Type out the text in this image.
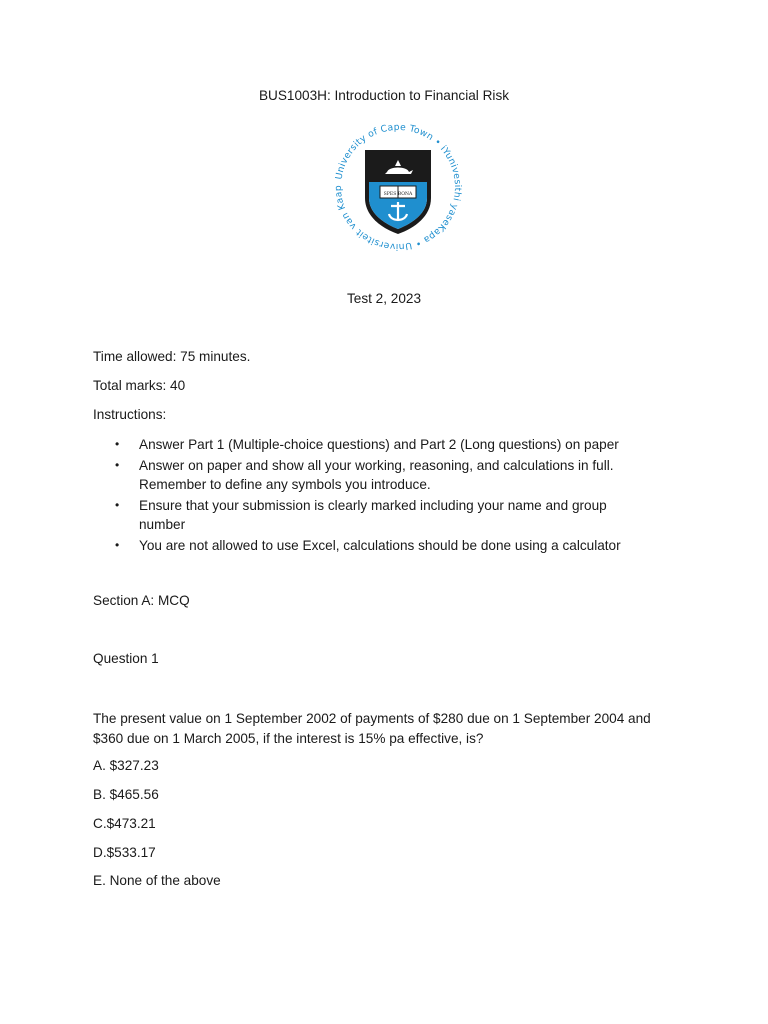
BUS1003H: Introduction to Financial Risk
University of Cape Town • iYunivesithi yaseKapa • Universiteit van Kaap
SPES BONA
Test 2, 2023
Time allowed: 75 minutes.
Total marks: 40
Instructions:
• Answer Part 1 (Multiple-choice questions) and Part 2 (Long questions) on paper
• Answer on paper and show all your working, reasoning, and calculations in full. Remember to define any symbols you introduce.
• Ensure that your submission is clearly marked including your name and group number
• You are not allowed to use Excel, calculations should be done using a calculator
Section A: MCQ
Question 1
The present value on 1 September 2002 of payments of $280 due on 1 September 2004 and $360 due on 1 March 2005, if the interest is 15% pa effective, is?
A. $327.23
B. $465.56
C.$473.21
D.$533.17
E. None of the above
